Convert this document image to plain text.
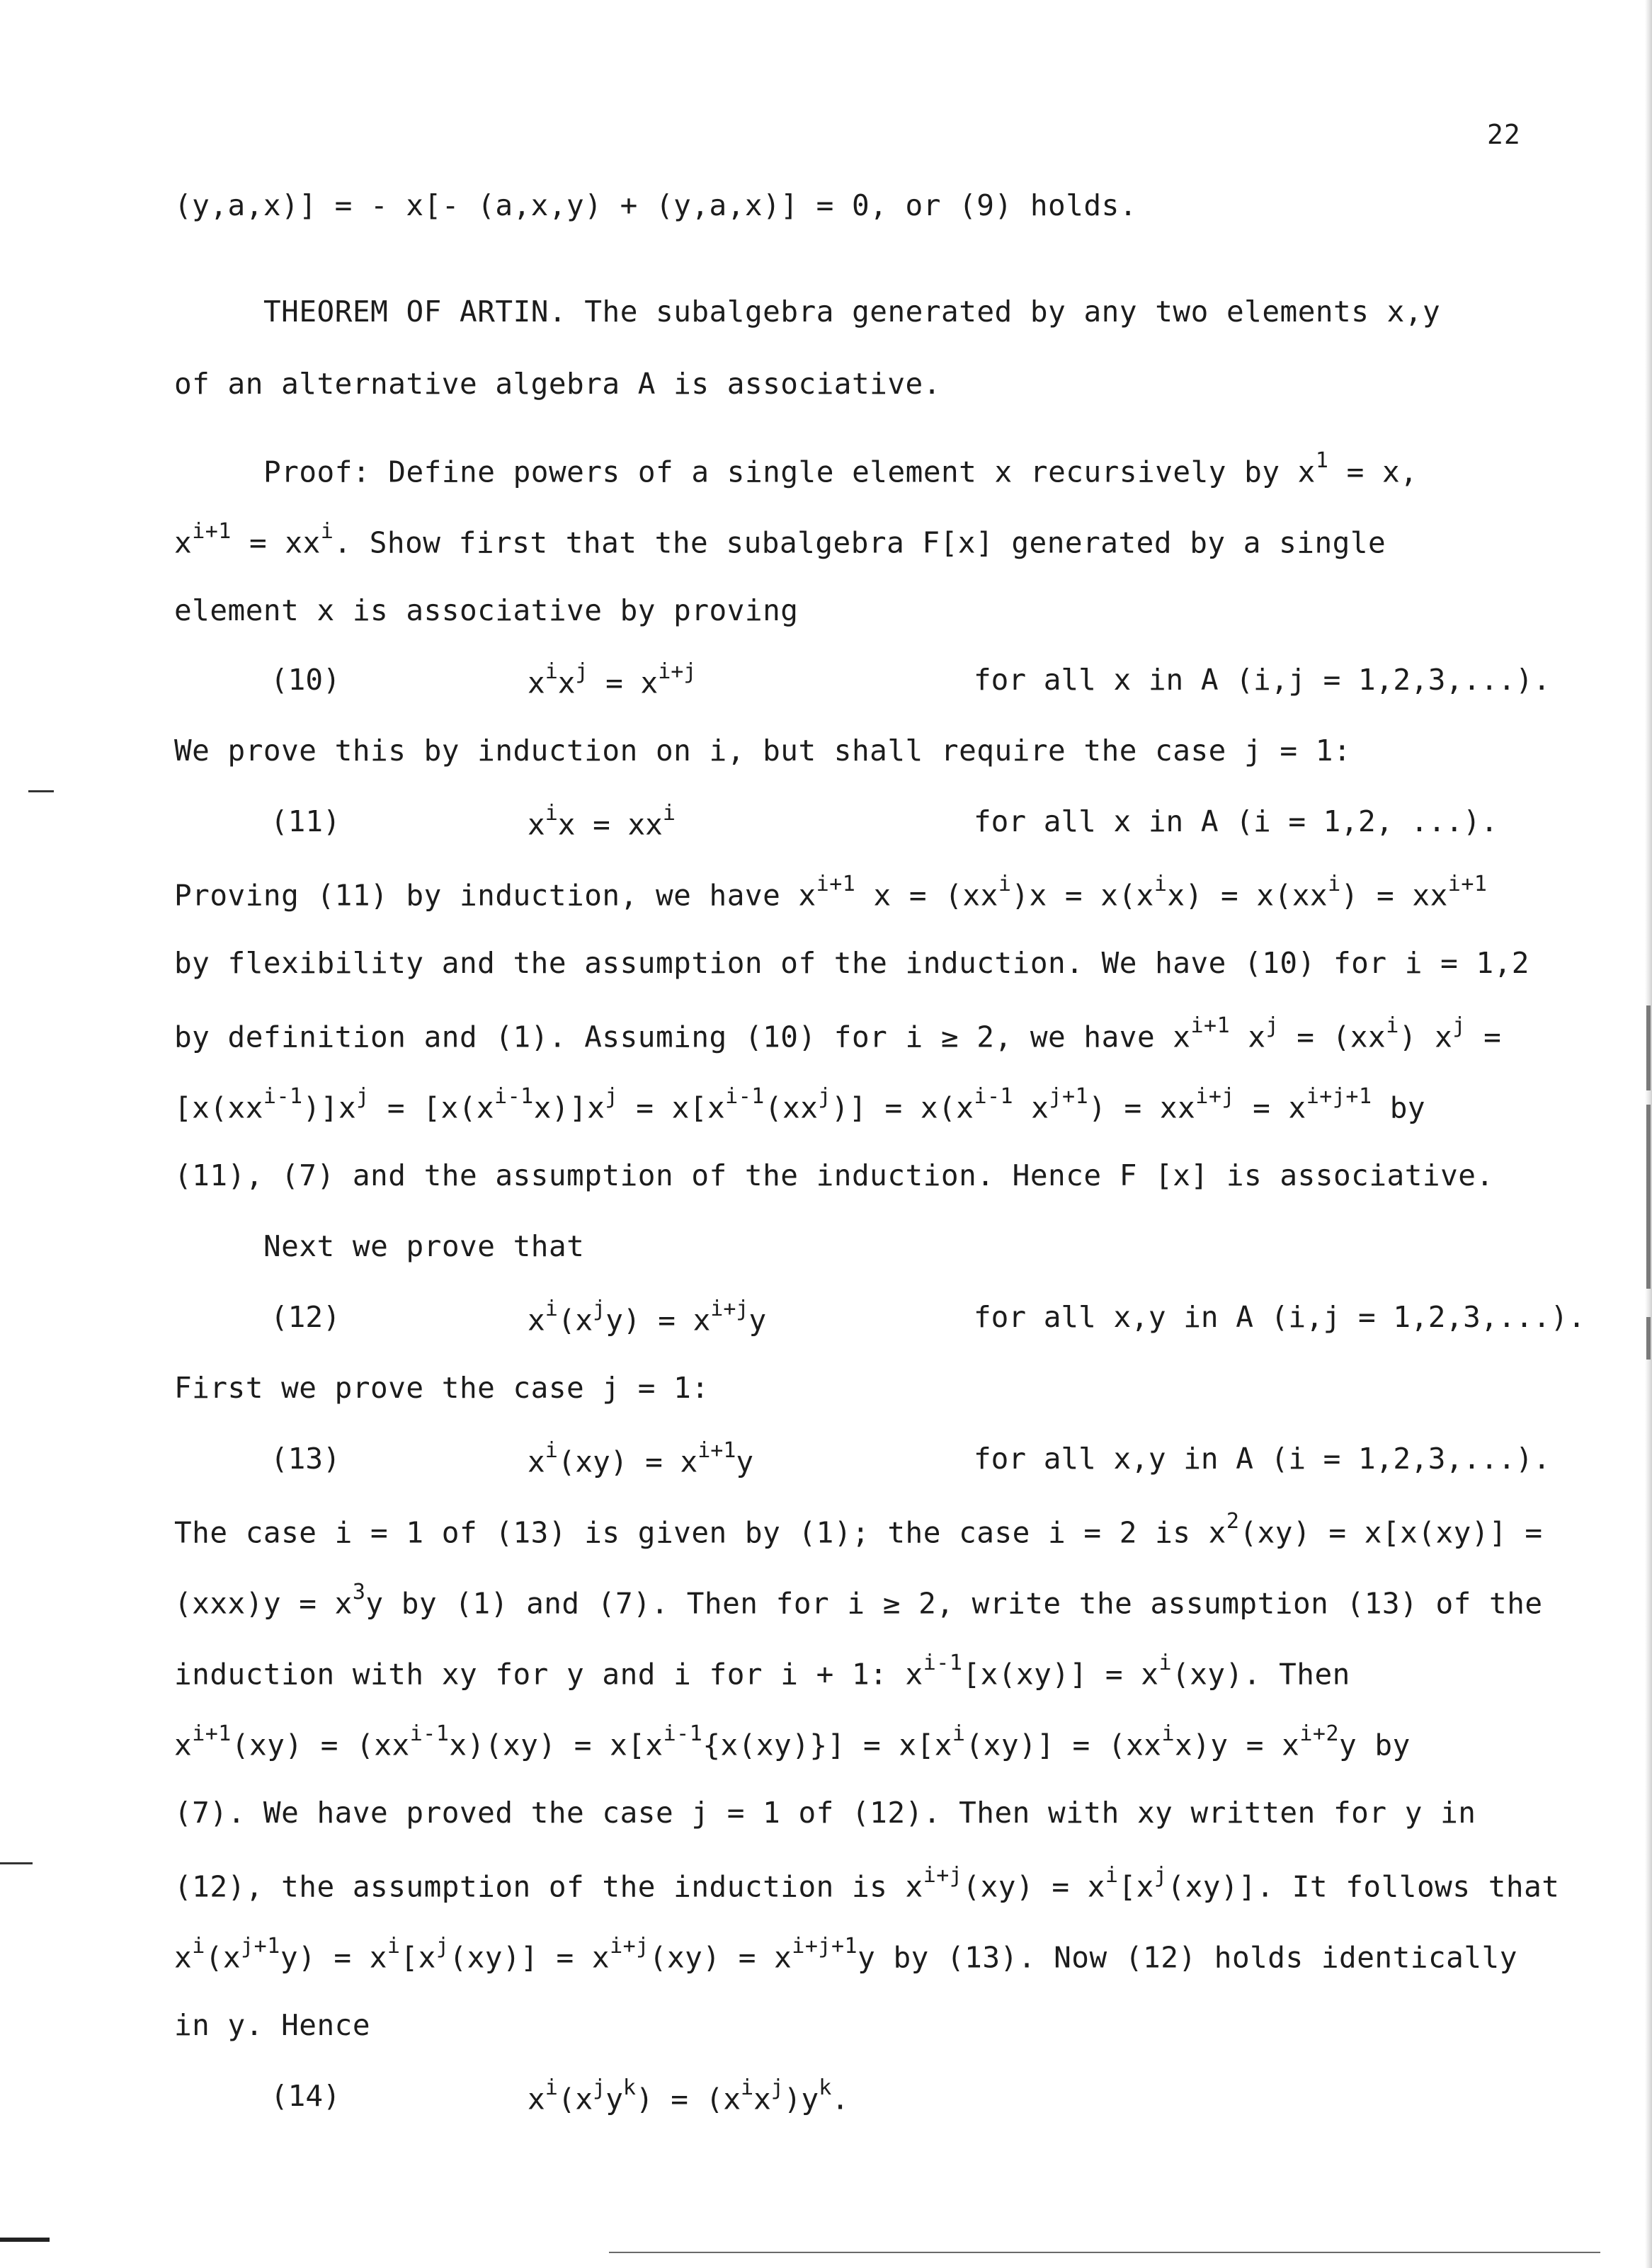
22
(y,a,x)] = - x[- (a,x,y) + (y,a,x)] = 0, or (9) holds.
THEOREM OF ARTIN. The subalgebra generated by any two elements x,y
of an alternative algebra A is associative.
Proof: Define powers of a single element x recursively by $x^1 = x$,
$x^{i+1} = xx^i$. Show first that the subalgebra F[x] generated by a single
element x is associative by proving
(10)	$x^ix^j = x^{i+j}$	for all x in A (i,j = 1,2,3,...).
We prove this by induction on i, but shall require the case j = 1:
(11)	$x^ix = xx^i$	for all x in A (i = 1,2, ...).
Proving (11) by induction, we have $x^{i+1}$ $x = (xx^i)x = x(x^ix) = x(xx^i) = xx^{i+1}$
by flexibility and the assumption of the induction. We have (10) for i = 1,2
by definition and (1). Assuming (10) for i ≥ 2, we have $x^{i+1}$ $x^j = (xx^i) x^j$ =
$[x(xx^{i-1})]x^j = [x(x^{i-1}x)]x^j = x[x^{i-1}(xx^j)] = x(x^{i-1}$ $x^{j+1}) = xx^{i+j} = x^{i+j+1}$ by
(11), (7) and the assumption of the induction. Hence F [x] is associative.
Next we prove that
(12)	$x^i(x^jy) = x^{i+j}y$	for all x,y in A (i,j = 1,2,3,...).
First we prove the case j = 1:
(13)	$x^i(xy) = x^{i+1}y$	for all x,y in A (i = 1,2,3,...).
The case i = 1 of (13) is given by (1); the case i = 2 is $x^2(xy) = x[x(xy)]$ =
$(xxx)y = x^3y$ by (1) and (7). Then for i ≥ 2, write the assumption (13) of the
induction with xy for y and i for i + 1: $x^{i-1}[x(xy)] = x^i(xy)$. Then
$x^{i+1}(xy) = (xx^{i-1}x)(xy) = x[x^{i-1}\{x(xy)\}] = x[x^i(xy)] = (xx^ix)y = x^{i+2}y$ by
(7). We have proved the case j = 1 of (12). Then with xy written for y in
(12), the assumption of the induction is $x^{i+j}(xy) = x^i[x^j(xy)]$. It follows that
$x^i(x^{j+1}y) = x^i[x^j(xy)] = x^{i+j}(xy) = x^{i+j+1}y$ by (13). Now (12) holds identically
in y. Hence
(14)	$x^i(x^jy^k) = (x^ix^j)y^k$.
